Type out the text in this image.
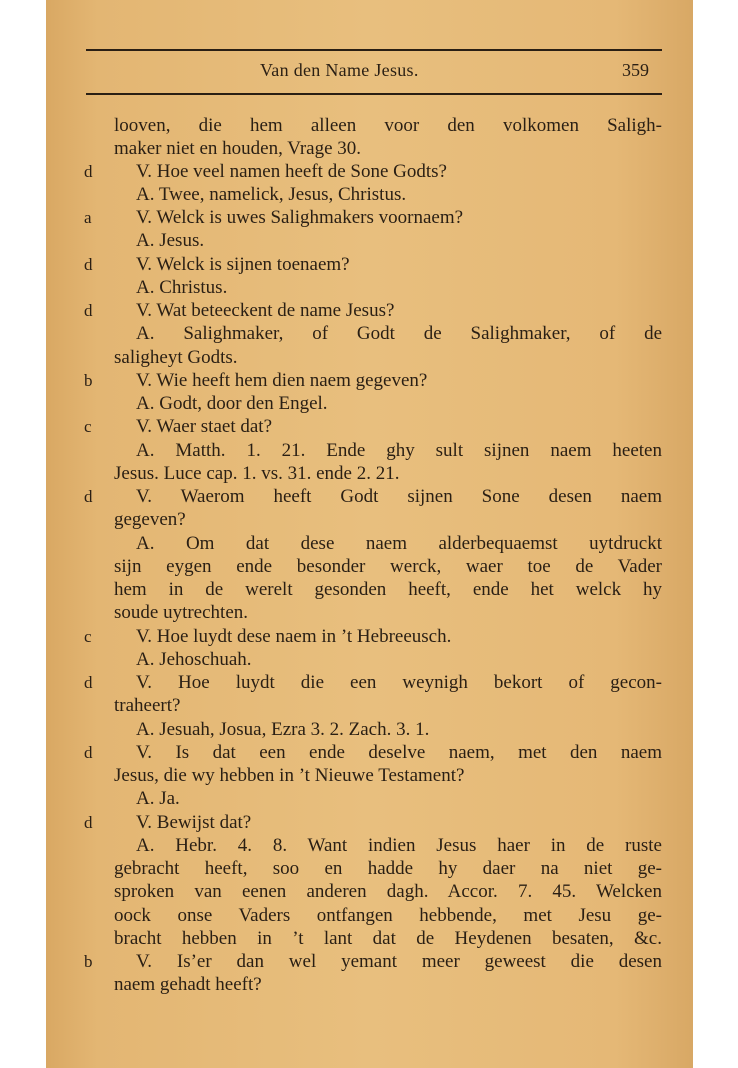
Van den Name Jesus.	359
looven, die hem alleen voor den volkomen Saligh-
maker niet en houden, Vrage 30.
d V. Hoe veel namen heeft de Sone Godts?
A. Twee, namelick, Jesus, Christus.
a V. Welck is uwes Salighmakers voornaem?
A. Jesus.
d V. Welck is sijnen toenaem?
A. Christus.
d V. Wat beteeckent de name Jesus?
A. Salighmaker, of Godt de Salighmaker, of de
saligheyt Godts.
b V. Wie heeft hem dien naem gegeven?
A. Godt, door den Engel.
c V. Waer staet dat?
A. Matth. 1. 21. Ende ghy sult sijnen naem heeten
Jesus. Luce cap. 1. vs. 31. ende 2. 21.
d V. Waerom heeft Godt sijnen Sone desen naem
gegeven?
A. Om dat dese naem alderbequaemst uytdruckt
sijn eygen ende besonder werck, waer toe de Vader
hem in de werelt gesonden heeft, ende het welck hy
soude uytrechten.
c V. Hoe luydt dese naem in ’t Hebreeusch.
A. Jehoschuah.
d V. Hoe luydt die een weynigh bekort of gecon-
traheert?
A. Jesuah, Josua, Ezra 3. 2. Zach. 3. 1.
d V. Is dat een ende deselve naem, met den naem
Jesus, die wy hebben in ’t Nieuwe Testament?
A. Ja.
d V. Bewijst dat?
A. Hebr. 4. 8. Want indien Jesus haer in de ruste
gebracht heeft, soo en hadde hy daer na niet ge-
sproken van eenen anderen dagh. Accor. 7. 45. Welcken
oock onse Vaders ontfangen hebbende, met Jesu ge-
bracht hebben in ’t lant dat de Heydenen besaten, &c.
b V. Is’er dan wel yemant meer geweest die desen
naem gehadt heeft?
